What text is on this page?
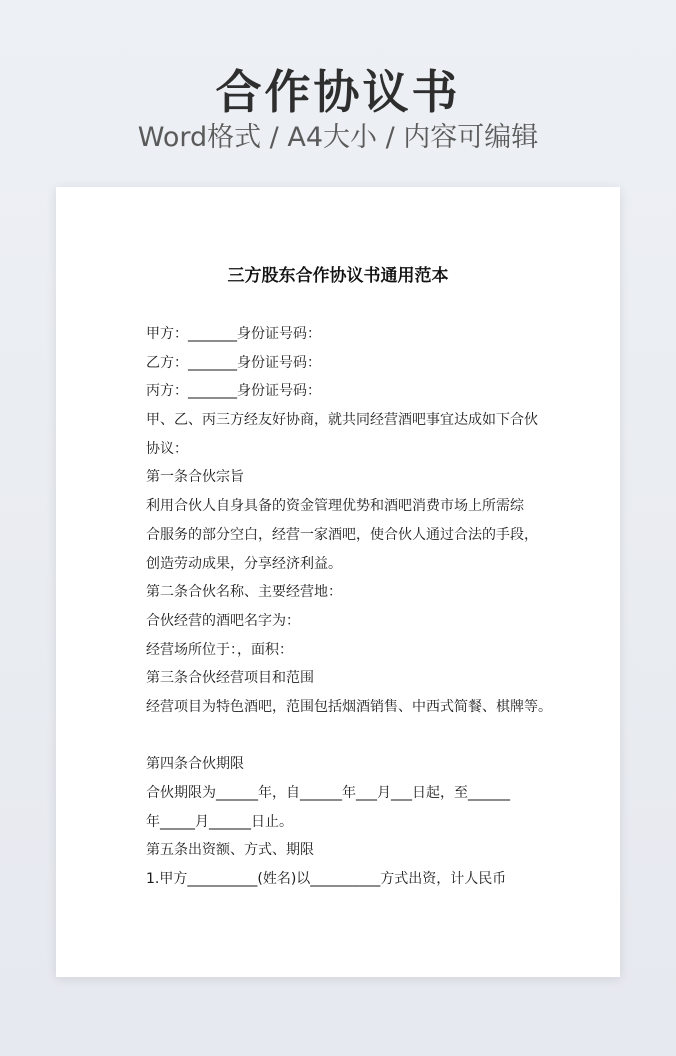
合作协议书
Word格式 / A4大小 / 内容可编辑
三方股东合作协议书通用范本
甲方：_______身份证号码：
乙方：_______身份证号码：
丙方：_______身份证号码：
甲、乙、丙三方经友好协商，就共同经营酒吧事宜达成如下合伙
协议：
第一条合伙宗旨
利用合伙人自身具备的资金管理优势和酒吧消费市场上所需综
合服务的部分空白，经营一家酒吧，使合伙人通过合法的手段，
创造劳动成果，分享经济利益。
第二条合伙名称、主要经营地：
合伙经营的酒吧名字为：
经营场所位于：，面积：
第三条合伙经营项目和范围
经营项目为特色酒吧，范围包括烟酒销售、中西式简餐、棋牌等。
第四条合伙期限
合伙期限为______年，自______年___月___日起，至______
年_____月______日止。
第五条出资额、方式、期限
1.甲方__________(姓名)以__________方式出资，计人民币
